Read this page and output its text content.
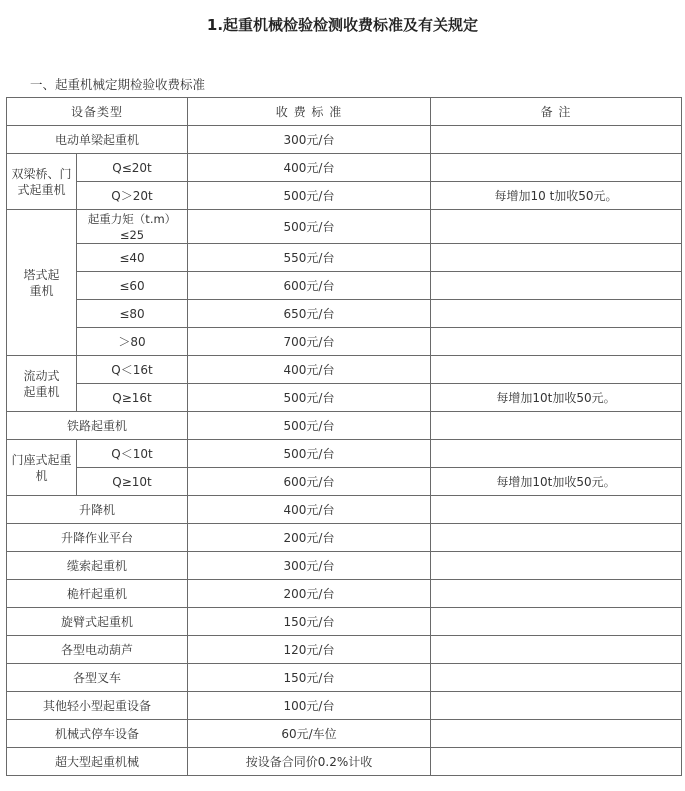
1.起重机械检验检测收费标准及有关规定
一、起重机械定期检验收费标准
设备类型		收 费 标 准	备 注
电动单梁起重机		300元/台	
双梁桥、门式起重机	Q≤20t	400元/台	
	Q＞20t	500元/台	每增加10 t加收50元。
塔式起重机	起重力矩（t.m）≤25	500元/台	
	≤40	550元/台	
	≤60	600元/台	
	≤80	650元/台	
	＞80	700元/台	
流动式起重机	Q＜16t	400元/台	
	Q≥16t	500元/台	每增加10t加收50元。
铁路起重机		500元/台	
门座式起重机	Q＜10t	500元/台	
	Q≥10t	600元/台	每增加10t加收50元。
升降机		400元/台	
升降作业平台		200元/台	
缆索起重机		300元/台	
桅杆起重机		200元/台	
旋臂式起重机		150元/台	
各型电动葫芦		120元/台	
各型叉车		150元/台	
其他轻小型起重设备		100元/台	
机械式停车设备		60元/车位	
超大型起重机械		按设备合同价0.2%计收	
